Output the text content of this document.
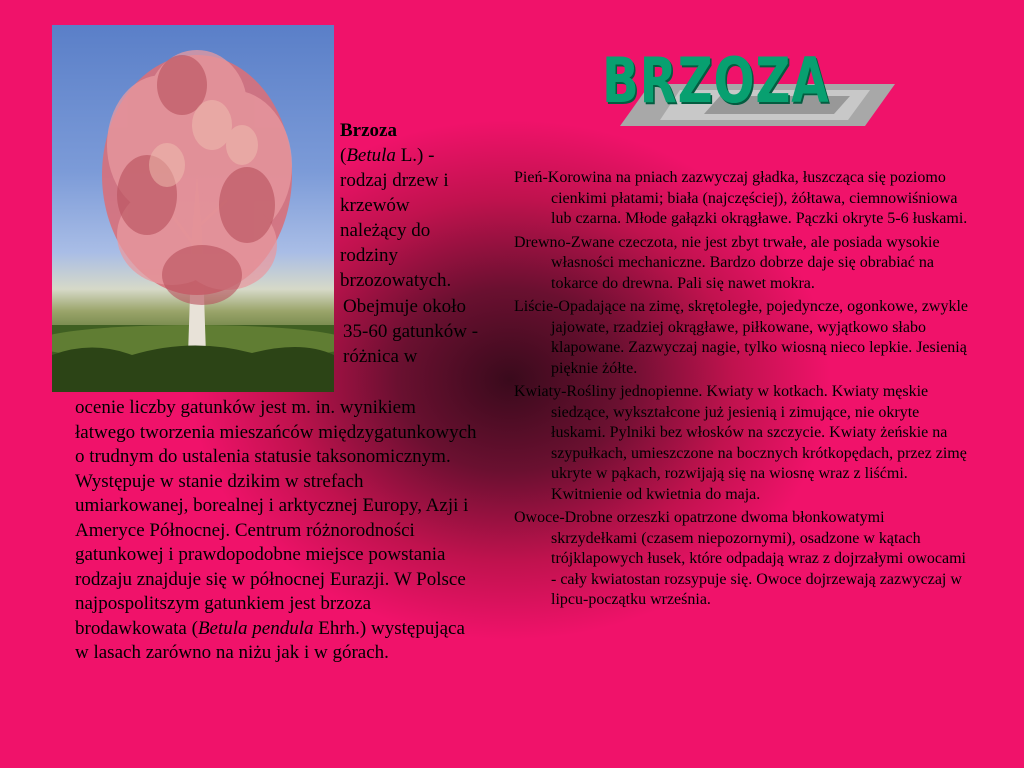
BRZOZA
Brzoza
(Betula L.) - rodzaj drzew i krzewów należący do rodziny brzozowatych.
Obejmuje około 35-60 gatunków - różnica w
ocenie liczby gatunków jest m. in. wynikiem łatwego tworzenia mieszańców międzygatunkowych o trudnym do ustalenia statusie taksonomicznym. Występuje w stanie dzikim w strefach umiarkowanej, borealnej i arktycznej Europy, Azji i Ameryce Północnej. Centrum różnorodności gatunkowej i prawdopodobne miejsce powstania rodzaju znajduje się w północnej Eurazji. W Polsce najpospolitszym gatunkiem jest brzoza brodawkowata (Betula pendula Ehrh.) występująca w lasach zarówno na niżu jak i w górach.
Pień-Korowina na pniach zazwyczaj gładka, łuszcząca się poziomo cienkimi płatami; biała (najczęściej), żółtawa, ciemnowiśniowa lub czarna. Młode gałązki okrągławe. Pączki okryte 5-6 łuskami.
Drewno-Zwane czeczota, nie jest zbyt trwałe, ale posiada wysokie własności mechaniczne. Bardzo dobrze daje się obrabiać na tokarce do drewna. Pali się nawet mokra.
Liście-Opadające na zimę, skrętoległe, pojedyncze, ogonkowe, zwykle jajowate, rzadziej okrągławe, piłkowane, wyjątkowo słabo klapowane. Zazwyczaj nagie, tylko wiosną nieco lepkie. Jesienią pięknie żółte.
Kwiaty-Rośliny jednopienne. Kwiaty w kotkach. Kwiaty męskie siedzące, wykształcone już jesienią i zimujące, nie okryte łuskami. Pylniki bez włosków na szczycie. Kwiaty żeńskie na szypułkach, umieszczone na bocznych krótkopędach, przez zimę ukryte w pąkach, rozwijają się na wiosnę wraz z liśćmi. Kwitnienie od kwietnia do maja.
Owoce-Drobne orzeszki opatrzone dwoma błonkowatymi skrzydełkami (czasem niepozornymi), osadzone w kątach trójklapowych łusek, które odpadają wraz z dojrzałymi owocami - cały kwiatostan rozsypuje się. Owoce dojrzewają zazwyczaj w lipcu-początku września.
